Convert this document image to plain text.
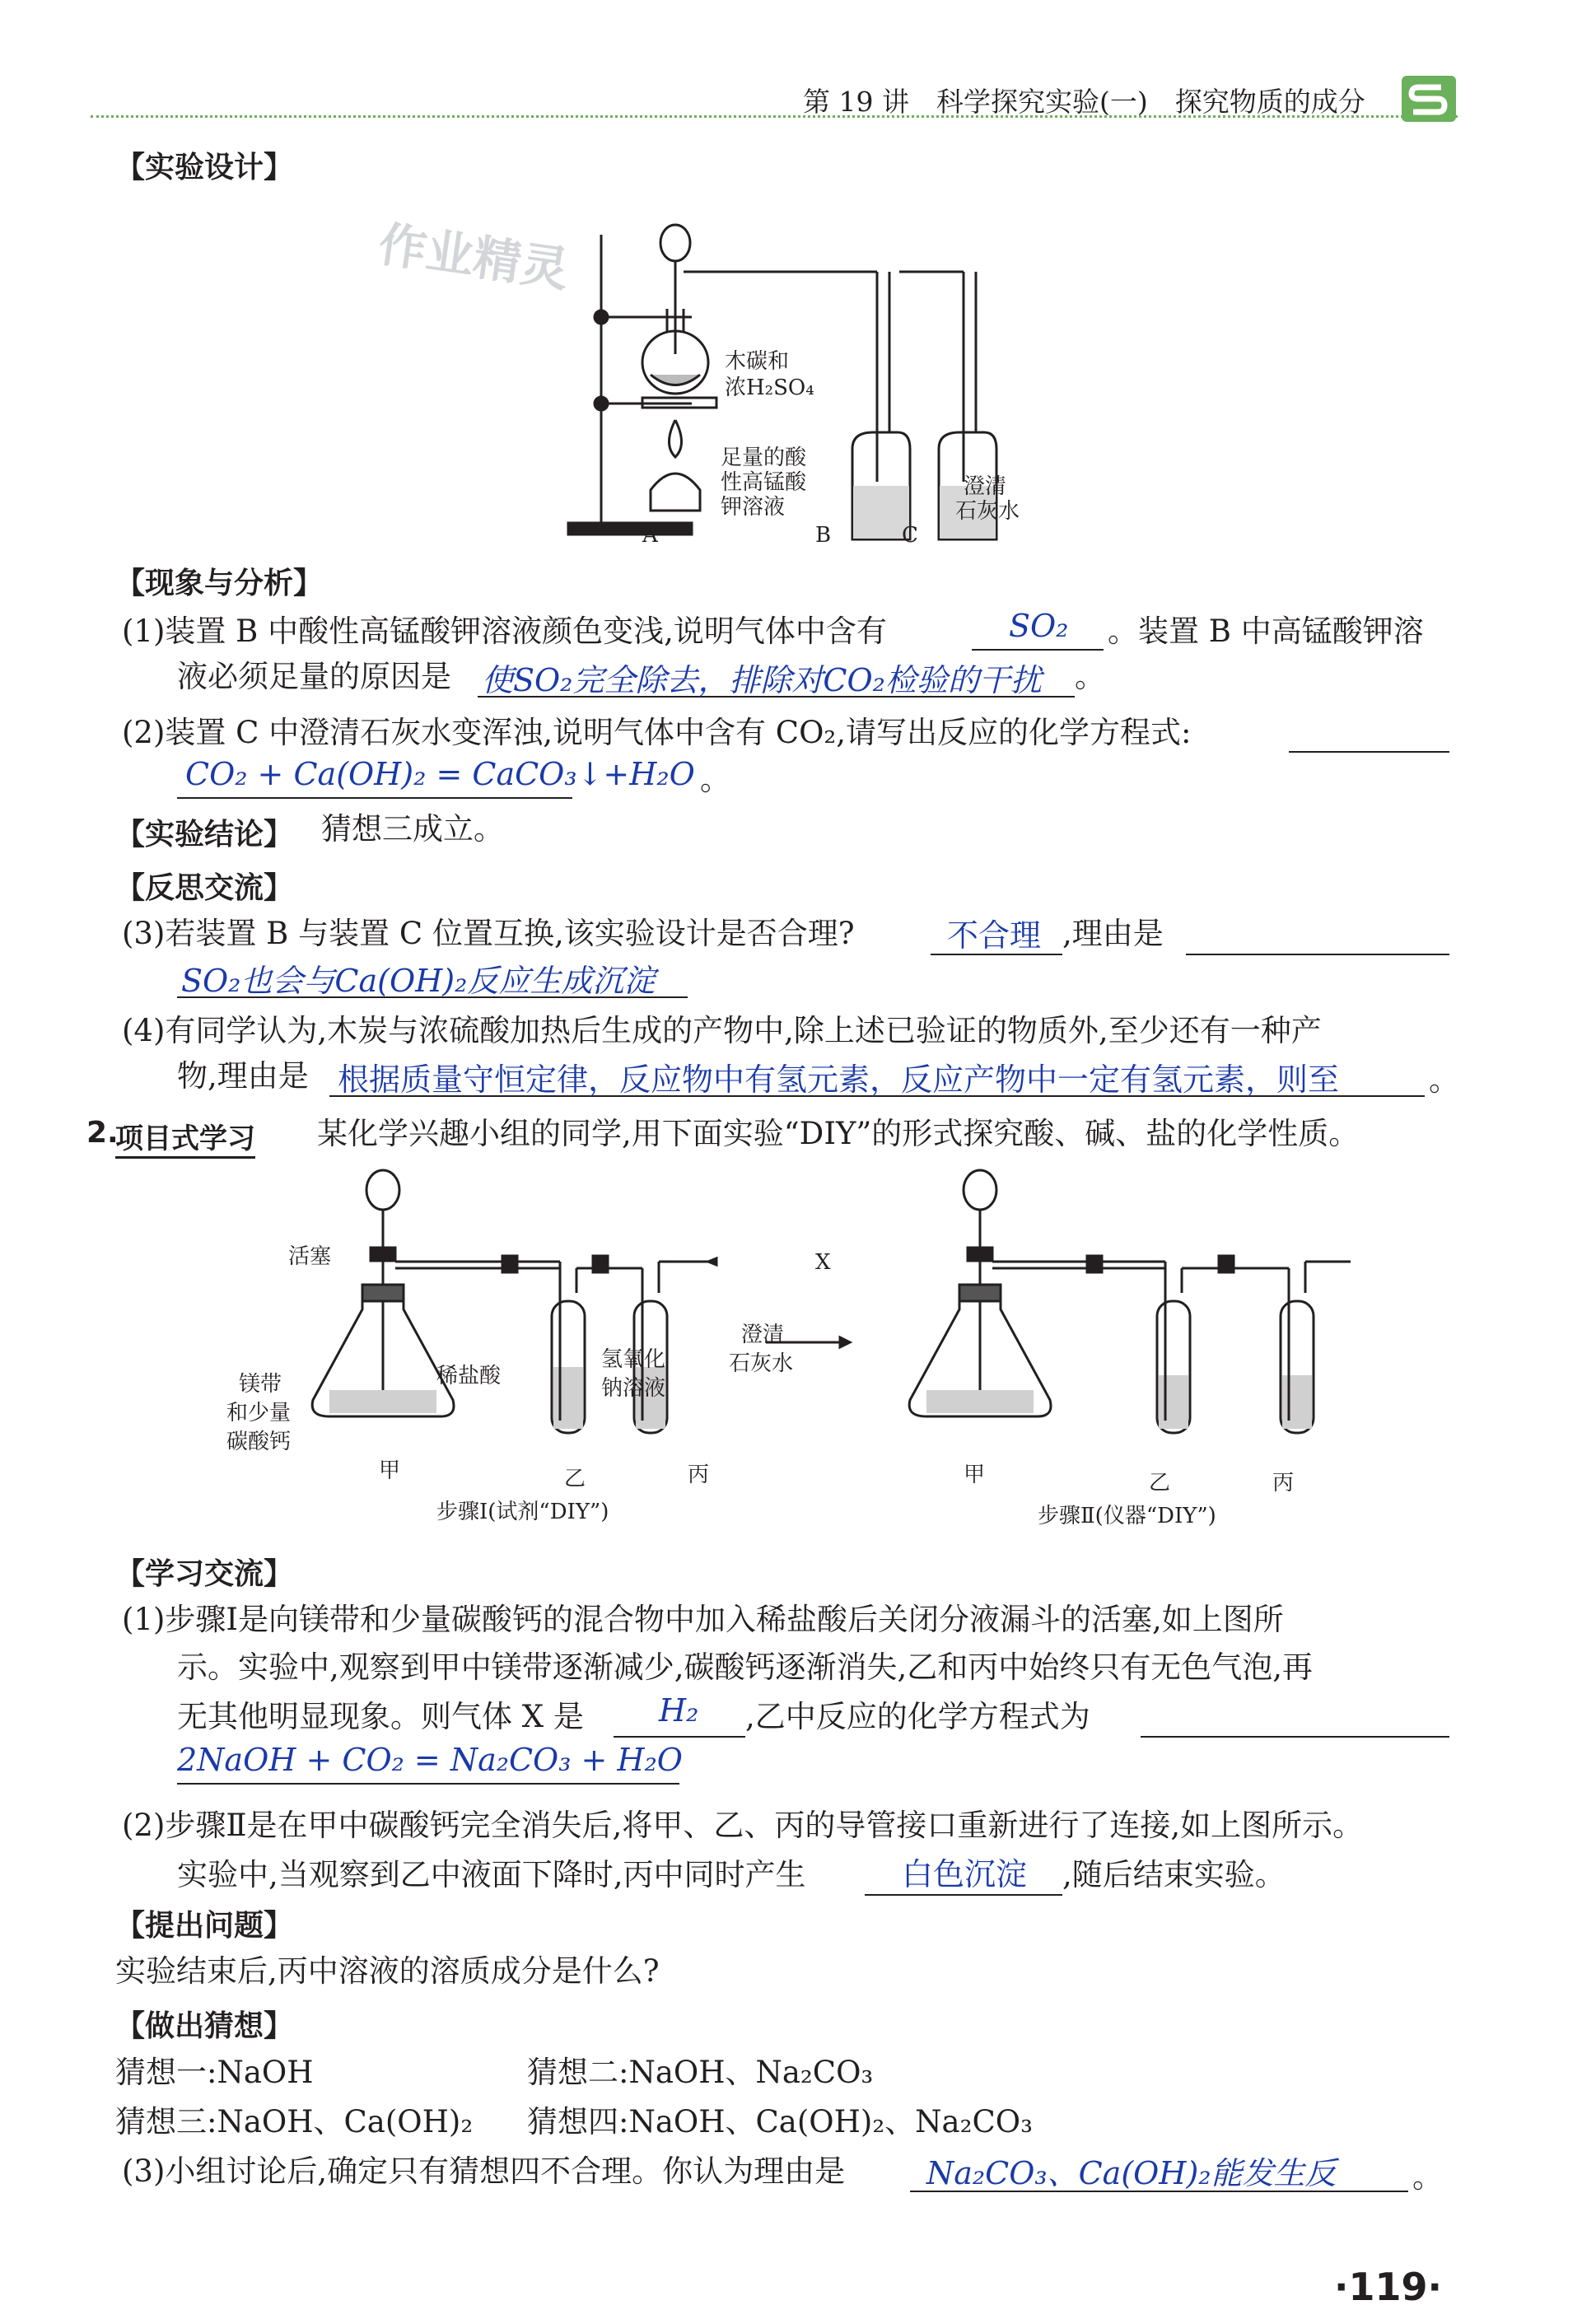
第 19 讲　科学探究实验(一)　探究物质的成分
【实验设计】
作业精灵
木碳和
浓H₂SO₄
足量的酸
性高锰酸
钾溶液
澄清
石灰水
A	B	C
【现象与分析】
(1)装置 B 中酸性高锰酸钾溶液颜色变浅,说明气体中含有	SO₂ 。装置 B 中高锰酸钾溶
液必须足量的原因是 使SO₂完全除去，排除对CO₂检验的干扰 。
(2)装置 C 中澄清石灰水变浑浊,说明气体中含有 CO₂,请写出反应的化学方程式:
CO₂ + Ca(OH)₂ = CaCO₃↓+H₂O 。
【实验结论】 猜想三成立。
【反思交流】
(3)若装置 B 与装置 C 位置互换,该实验设计是否合理?	不合理 ,理由是
SO₂也会与Ca(OH)₂反应生成沉淀
(4)有同学认为,木炭与浓硫酸加热后生成的产物中,除上述已验证的物质外,至少还有一种产
物,理由是 根据质量守恒定律，反应物中有氢元素，反应产物中一定有氢元素，则至	。
2.
项目式学习 某化学兴趣小组的同学,用下面实验“DIY”的形式探究酸、碱、盐的化学性质。
活塞
镁带
和少量
碳酸钙
稀盐酸
氢氧化
钠溶液
澄清
石灰水
X
甲	乙	丙	甲	乙	丙
步骤Ⅰ(试剂“DIY”)	步骤Ⅱ(仪器“DIY”)
【学习交流】
(1)步骤Ⅰ是向镁带和少量碳酸钙的混合物中加入稀盐酸后关闭分液漏斗的活塞,如上图所
示。实验中,观察到甲中镁带逐渐减少,碳酸钙逐渐消失,乙和丙中始终只有无色气泡,再
无其他明显现象。则气体 X 是 H₂ ,乙中反应的化学方程式为
2NaOH + CO₂ = Na₂CO₃ + H₂O
(2)步骤Ⅱ是在甲中碳酸钙完全消失后,将甲、乙、丙的导管接口重新进行了连接,如上图所示。
实验中,当观察到乙中液面下降时,丙中同时产生	白色沉淀 ,随后结束实验。
【提出问题】
实验结束后,丙中溶液的溶质成分是什么?
【做出猜想】
猜想一:NaOH	猜想二:NaOH、Na₂CO₃
猜想三:NaOH、Ca(OH)₂ 猜想四:NaOH、Ca(OH)₂、Na₂CO₃
(3)小组讨论后,确定只有猜想四不合理。你认为理由是	Na₂CO₃、Ca(OH)₂能发生反 。
·119·
